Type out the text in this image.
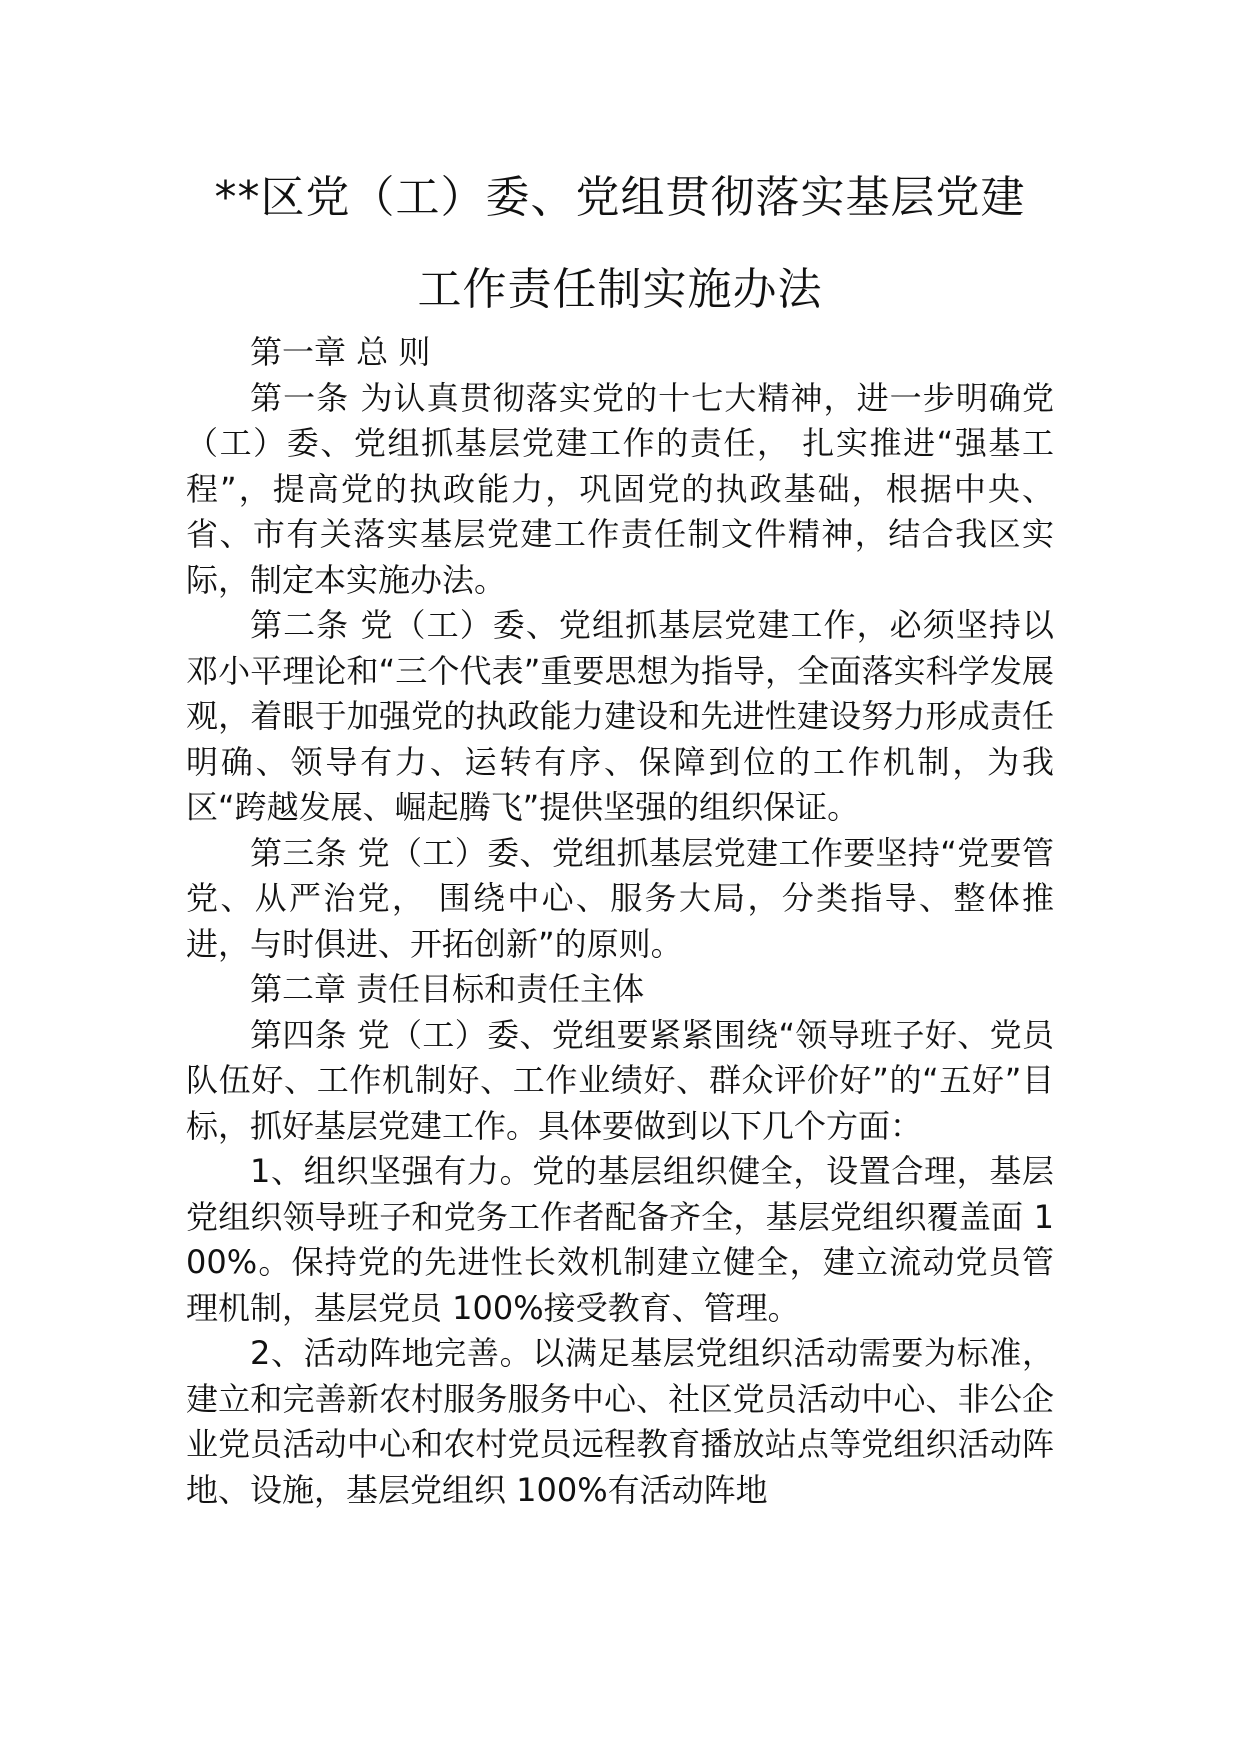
**区党（工）委、党组贯彻落实基层党建
工作责任制实施办法

第一章 总 则

第一条 为认真贯彻落实党的十七大精神，进一步明确党（工）委、党组抓基层党建工作的责任， 扎实推进“强基工程”，提高党的执政能力，巩固党的执政基础，根据中央、省、市有关落实基层党建工作责任制文件精神，结合我区实际，制定本实施办法。

第二条 党（工）委、党组抓基层党建工作，必须坚持以邓小平理论和“三个代表”重要思想为指导，全面落实科学发展观，着眼于加强党的执政能力建设和先进性建设努力形成责任明确、领导有力、运转有序、保障到位的工作机制，为我区“跨越发展、崛起腾飞”提供坚强的组织保证。

第三条 党（工）委、党组抓基层党建工作要坚持“党要管党、从严治党， 围绕中心、服务大局，分类指导、整体推进，与时俱进、开拓创新”的原则。

第二章 责任目标和责任主体

第四条 党（工）委、党组要紧紧围绕“领导班子好、党员队伍好、工作机制好、工作业绩好、群众评价好”的“五好”目标，抓好基层党建工作。具体要做到以下几个方面：

1、组织坚强有力。党的基层组织健全，设置合理，基层党组织领导班子和党务工作者配备齐全，基层党组织覆盖面 100%。保持党的先进性长效机制建立健全，建立流动党员管理机制，基层党员 100%接受教育、管理。

2、活动阵地完善。以满足基层党组织活动需要为标准，建立和完善新农村服务服务中心、社区党员活动中心、非公企业党员活动中心和农村党员远程教育播放站点等党组织活动阵地、设施，基层党组织 100%有活动阵地
